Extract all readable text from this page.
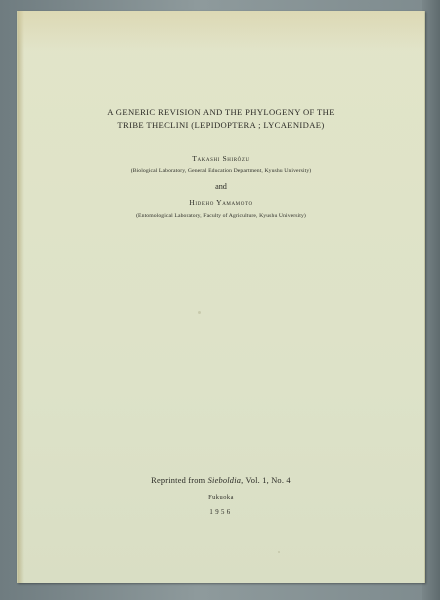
A GENERIC REVISION AND THE PHYLOGENY OF THE
TRIBE THECLINI (LEPIDOPTERA ; LYCAENIDAE)
Takashi Shirôzu
(Biological Laboratory, General Education Department, Kyushu University)
and
Hideho Yamamoto
(Entomological Laboratory, Faculty of Agriculture, Kyushu University)
Reprinted from Sieboldia, Vol. 1, No. 4
Fukuoka
1956
